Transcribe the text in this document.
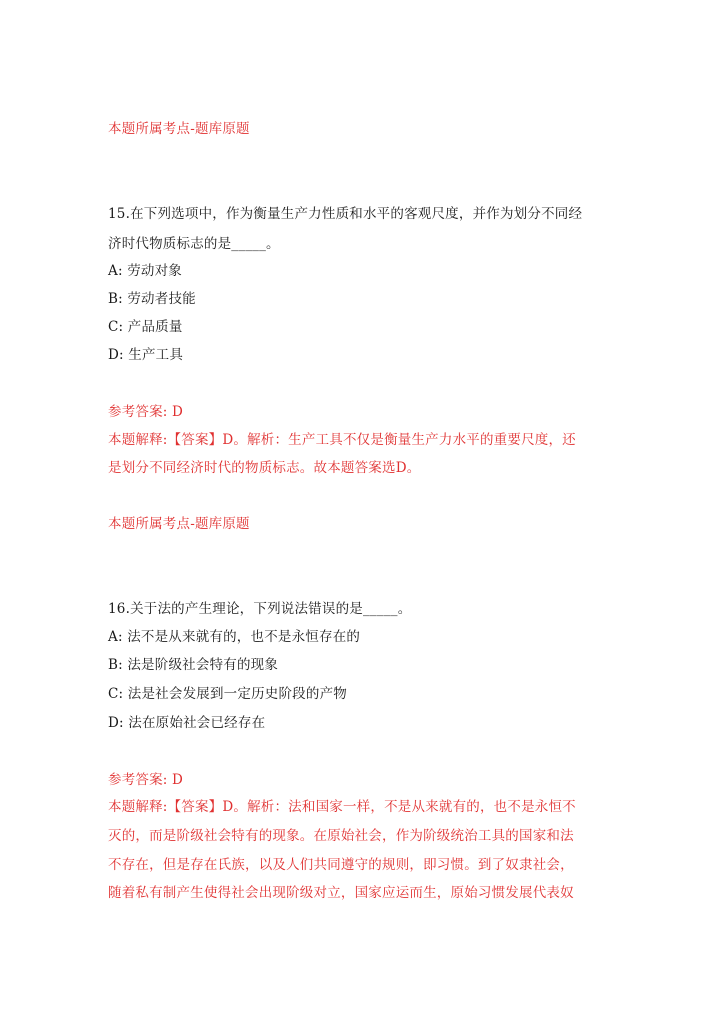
本题所属考点-题库原题
15.在下列选项中，作为衡量生产力性质和水平的客观尺度，并作为划分不同经
济时代物质标志的是_____。
A: 劳动对象
B: 劳动者技能
C: 产品质量
D: 生产工具
参考答案: D
本题解释:【答案】D。解析：生产工具不仅是衡量生产力水平的重要尺度，还
是划分不同经济时代的物质标志。故本题答案选D。
本题所属考点-题库原题
16.关于法的产生理论，下列说法错误的是_____。
A: 法不是从来就有的，也不是永恒存在的
B: 法是阶级社会特有的现象
C: 法是社会发展到一定历史阶段的产物
D: 法在原始社会已经存在
参考答案: D
本题解释:【答案】D。解析：法和国家一样，不是从来就有的，也不是永恒不
灭的，而是阶级社会特有的现象。在原始社会，作为阶级统治工具的国家和法
不存在，但是存在氏族，以及人们共同遵守的规则，即习惯。到了奴隶社会，
随着私有制产生使得社会出现阶级对立，国家应运而生，原始习惯发展代表奴
